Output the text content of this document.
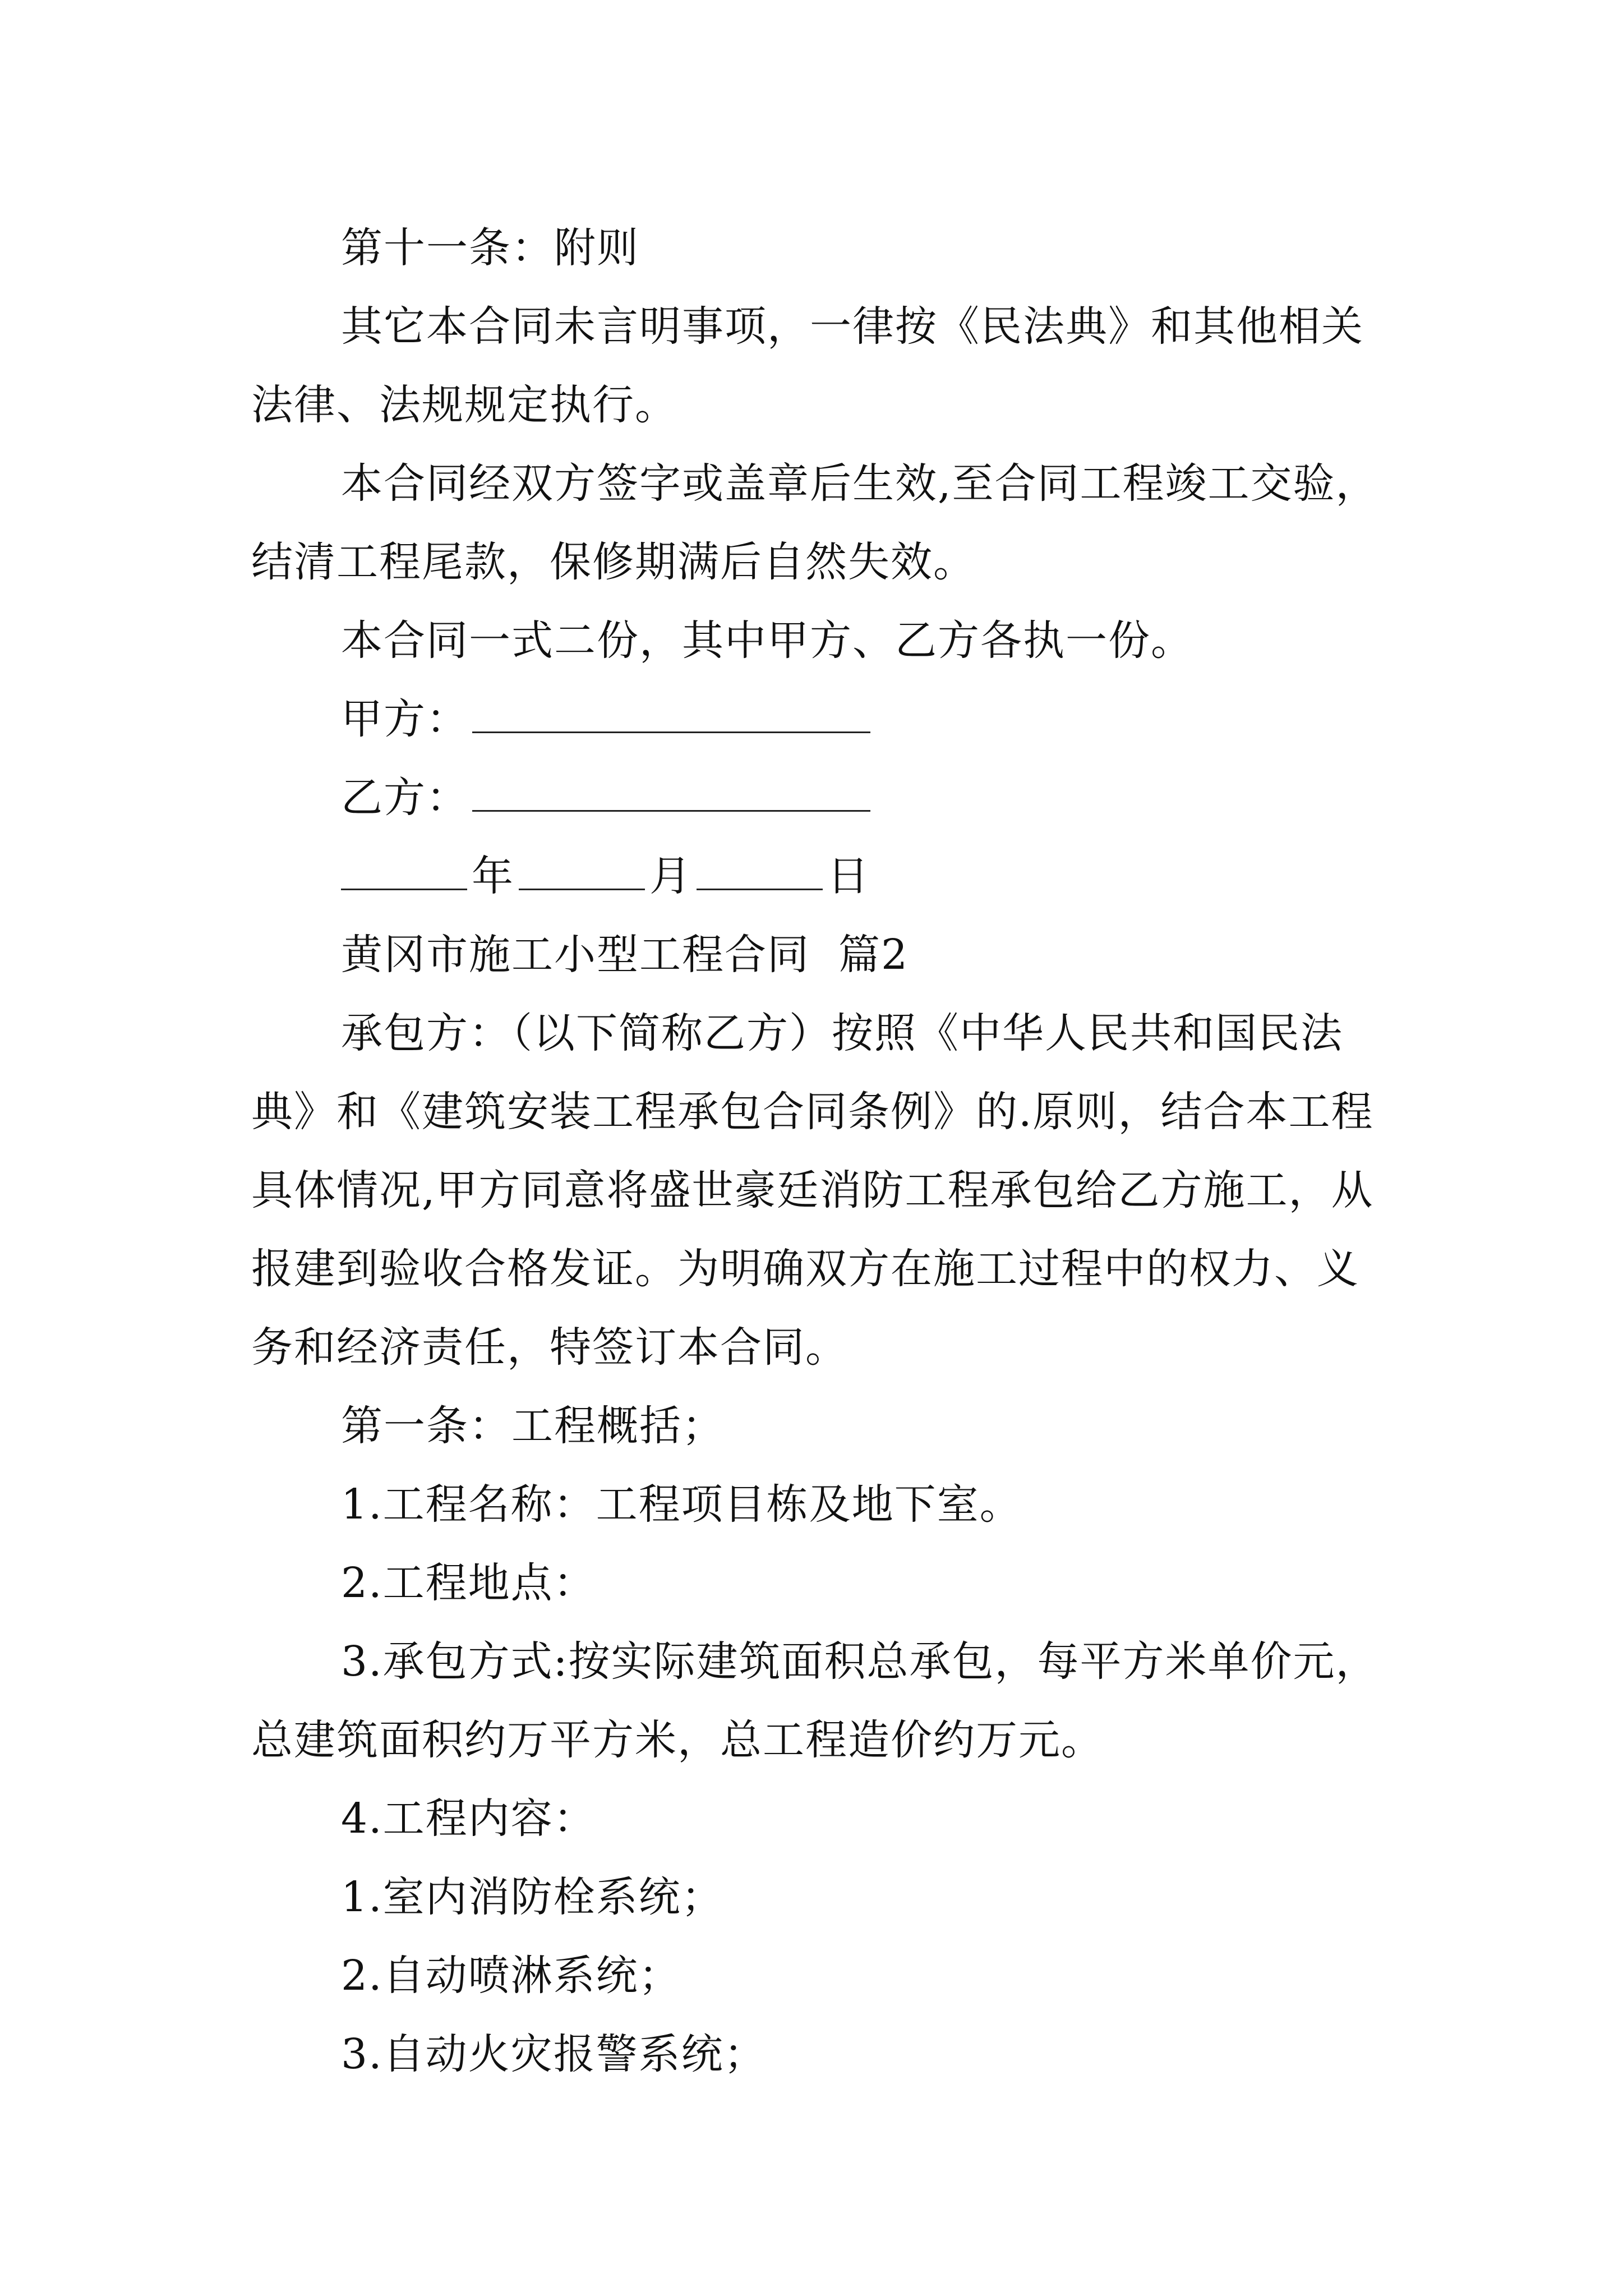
第十一条：附则

其它本合同未言明事项，一律按《民法典》和其他相关法律、法规规定执行。

本合同经双方签字或盖章后生效,至合同工程竣工交验，结清工程尾款，保修期满后自然失效。

本合同一式二份，其中甲方、乙方各执一份。

甲方：

乙方：

年	月	日

黄冈市施工小型工程合同  篇2

承包方：（以下简称乙方）按照《中华人民共和国民法典》和《建筑安装工程承包合同条例》的.原则，结合本工程具体情况,甲方同意将盛世豪廷消防工程承包给乙方施工，从报建到验收合格发证。为明确双方在施工过程中的权力、义务和经济责任，特签订本合同。

第一条：工程概括；

1.工程名称：工程项目栋及地下室。

2.工程地点：

3.承包方式:按实际建筑面积总承包，每平方米单价元，总建筑面积约万平方米，总工程造价约万元。

4.工程内容：

1.室内消防栓系统；

2.自动喷淋系统；

3.自动火灾报警系统；
